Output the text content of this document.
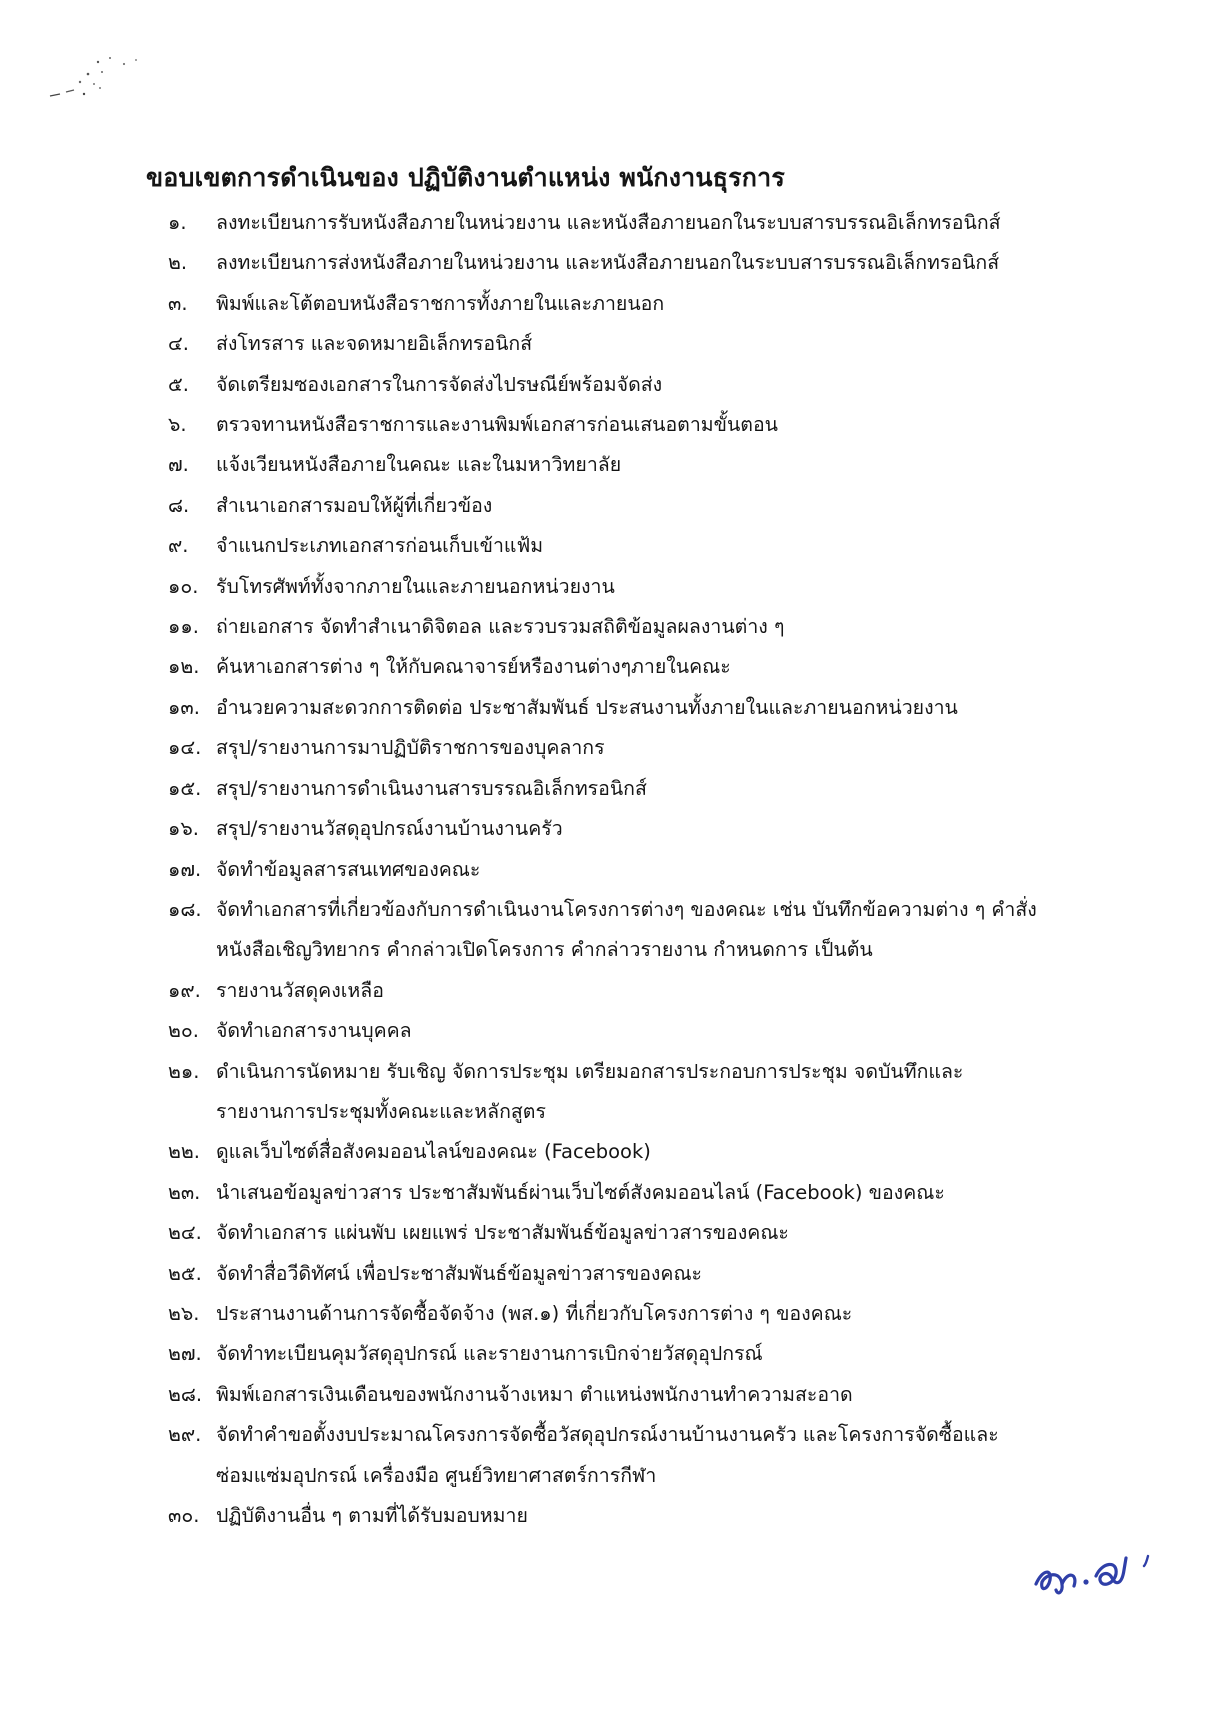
ขอบเขตการดำเนินของ ปฏิบัติงานตำแหน่ง พนักงานธุรการ
๑. ลงทะเบียนการรับหนังสือภายในหน่วยงาน และหนังสือภายนอกในระบบสารบรรณอิเล็กทรอนิกส์
๒. ลงทะเบียนการส่งหนังสือภายในหน่วยงาน และหนังสือภายนอกในระบบสารบรรณอิเล็กทรอนิกส์
๓. พิมพ์และโต้ตอบหนังสือราชการทั้งภายในและภายนอก
๔. ส่งโทรสาร และจดหมายอิเล็กทรอนิกส์
๕. จัดเตรียมซองเอกสารในการจัดส่งไปรษณีย์พร้อมจัดส่ง
๖. ตรวจทานหนังสือราชการและงานพิมพ์เอกสารก่อนเสนอตามขั้นตอน
๗. แจ้งเวียนหนังสือภายในคณะ และในมหาวิทยาลัย
๘. สำเนาเอกสารมอบให้ผู้ที่เกี่ยวข้อง
๙. จำแนกประเภทเอกสารก่อนเก็บเข้าแฟ้ม
๑๐. รับโทรศัพท์ทั้งจากภายในและภายนอกหน่วยงาน
๑๑. ถ่ายเอกสาร จัดทำสำเนาดิจิตอล และรวบรวมสถิติข้อมูลผลงานต่าง ๆ
๑๒. ค้นหาเอกสารต่าง ๆ ให้กับคณาจารย์หรืองานต่างๆภายในคณะ
๑๓. อำนวยความสะดวกการติดต่อ ประชาสัมพันธ์ ประสนงานทั้งภายในและภายนอกหน่วยงาน
๑๔. สรุป/รายงานการมาปฏิบัติราชการของบุคลากร
๑๕. สรุป/รายงานการดำเนินงานสารบรรณอิเล็กทรอนิกส์
๑๖. สรุป/รายงานวัสดุอุปกรณ์งานบ้านงานครัว
๑๗. จัดทำข้อมูลสารสนเทศของคณะ
๑๘. จัดทำเอกสารที่เกี่ยวข้องกับการดำเนินงานโครงการต่างๆ ของคณะ เช่น บันทึกข้อความต่าง ๆ คำสั่ง
หนังสือเชิญวิทยากร คำกล่าวเปิดโครงการ คำกล่าวรายงาน กำหนดการ เป็นต้น
๑๙. รายงานวัสดุคงเหลือ
๒๐. จัดทำเอกสารงานบุคคล
๒๑. ดำเนินการนัดหมาย รับเชิญ จัดการประชุม เตรียมอกสารประกอบการประชุม จดบันทึกและ
รายงานการประชุมทั้งคณะและหลักสูตร
๒๒. ดูแลเว็บไซต์สื่อสังคมออนไลน์ของคณะ (Facebook)
๒๓. นำเสนอข้อมูลข่าวสาร ประชาสัมพันธ์ผ่านเว็บไซต์สังคมออนไลน์ (Facebook) ของคณะ
๒๔. จัดทำเอกสาร แผ่นพับ เผยแพร่ ประชาสัมพันธ์ข้อมูลข่าวสารของคณะ
๒๕. จัดทำสื่อวีดิทัศน์ เพื่อประชาสัมพันธ์ข้อมูลข่าวสารของคณะ
๒๖. ประสานงานด้านการจัดซื้อจัดจ้าง (พส.๑) ที่เกี่ยวกับโครงการต่าง ๆ ของคณะ
๒๗. จัดทำทะเบียนคุมวัสดุอุปกรณ์ และรายงานการเบิกจ่ายวัสดุอุปกรณ์
๒๘. พิมพ์เอกสารเงินเดือนของพนักงานจ้างเหมา ตำแหน่งพนักงานทำความสะอาด
๒๙. จัดทำคำขอตั้งงบประมาณโครงการจัดซื้อวัสดุอุปกรณ์งานบ้านงานครัว และโครงการจัดซื้อและ
ซ่อมแซ่มอุปกรณ์ เครื่องมือ ศูนย์วิทยาศาสตร์การกีฬา
๓๐. ปฏิบัติงานอื่น ๆ ตามที่ได้รับมอบหมาย
